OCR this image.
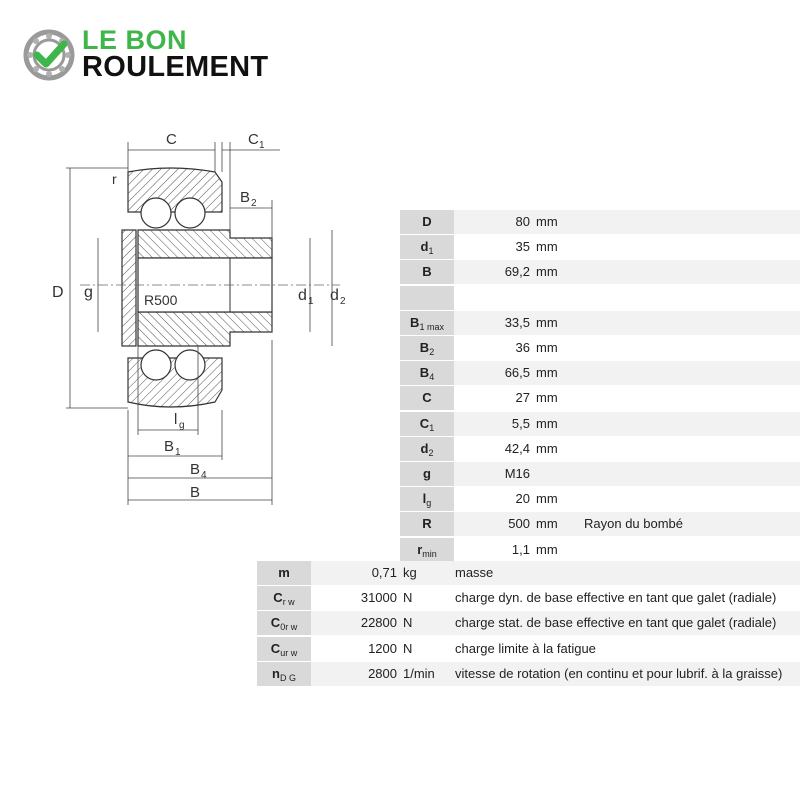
LE BON
ROULEMENT
C	C 1
r
B 2
D g	R500	d 1 d 2
l g
B 1
B 4
B
D	80 mm
$d_1$	35 mm
B	69,2 mm
$B_{1 max}$	33,5 mm
$B_2$	36 mm
$B_4$	66,5 mm
C	27 mm
$C_1$	5,5 mm
$d_2$	42,4 mm
g	M16
$l_g$	20 mm
R	500 mm	Rayon du bombé
$r_{min}$	1,1 mm
m	0,71 kg	masse
$C_{r w}$	31000 N	charge dyn. de base effective en tant que galet (radiale)
$C_{0r w}$	22800 N	charge stat. de base effective en tant que galet (radiale)
$C_{ur w}$	1200 N	charge limite à la fatigue
$n_{D G}$	2800 1/min	vitesse de rotation (en continu et pour lubrif. à la graisse)
